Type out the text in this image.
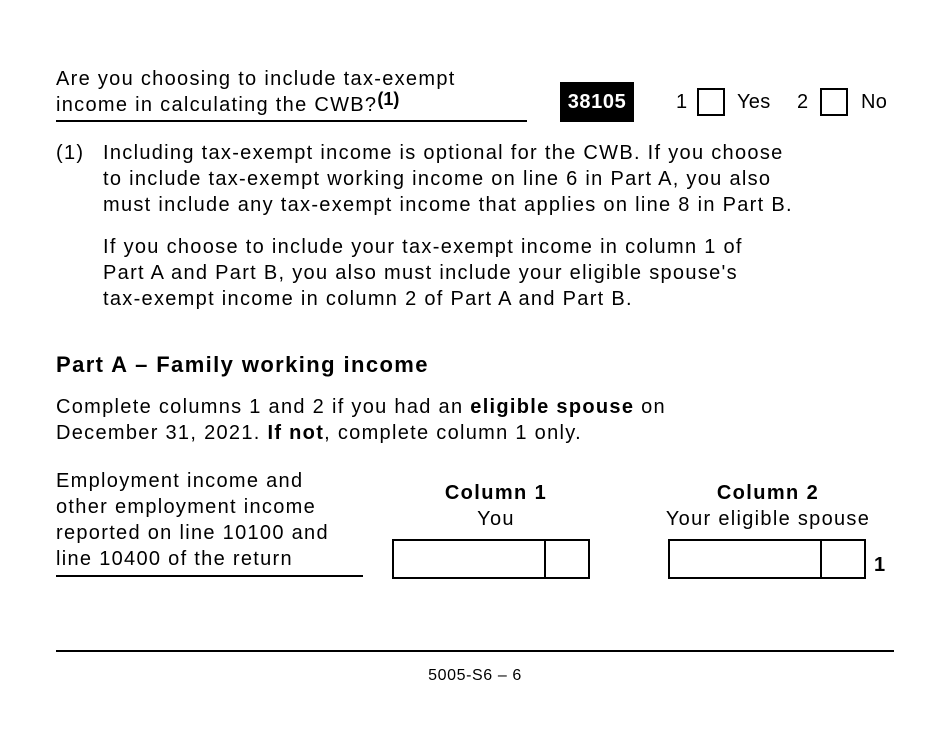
Are you choosing to include tax-exempt
income in calculating the CWB?(1)	38105 1 Yes 2	No
(1) Including tax-exempt income is optional for the CWB. If you choose
to include tax-exempt working income on line 6 in Part A, you also
must include any tax-exempt income that applies on line 8 in Part B.
If you choose to include your tax-exempt income in column 1 of
Part A and Part B, you also must include your eligible spouse's
tax-exempt income in column 2 of Part A and Part B.
Part A – Family working income
Complete columns 1 and 2 if you had an eligible spouse on
December 31, 2021. If not, complete column 1 only.
Employment income and
other employment income
reported on line 10100 and
line 10400 of the return
Column 1
You
Column 2
Your eligible spouse
1
5005-S6 – 6
